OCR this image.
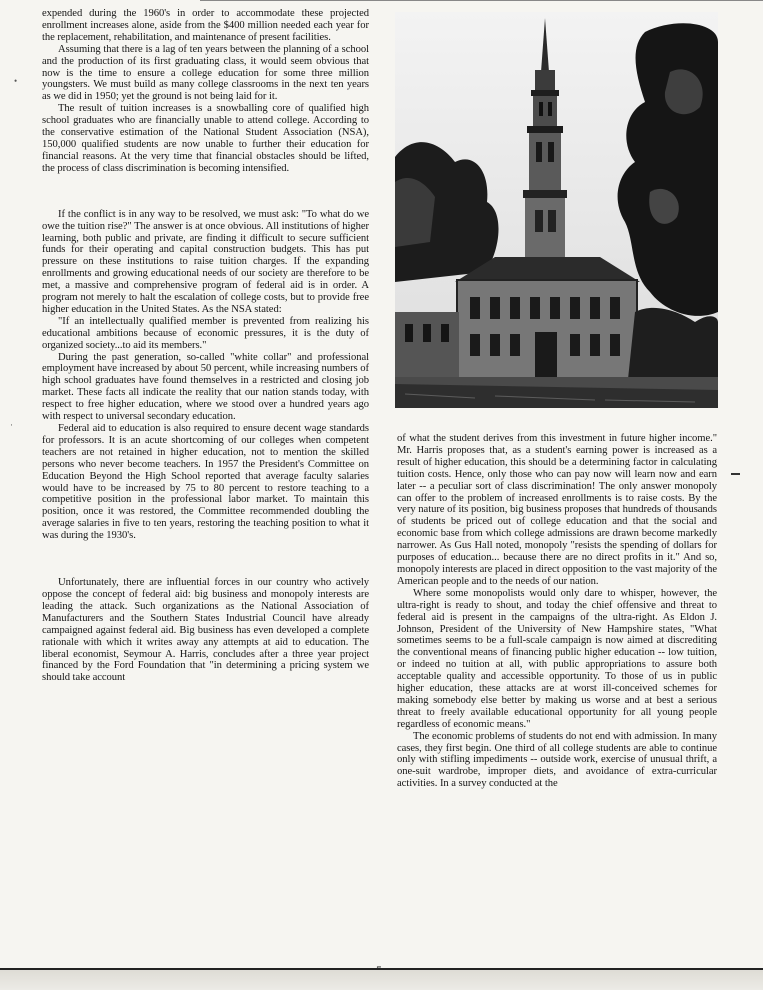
expended during the 1960's in order to accommodate these projected enrollment increases alone, aside from the $400 million needed each year for the replacement, rehabilitation, and maintenance of present facilities.

Assuming that there is a lag of ten years between the planning of a school and the production of its first graduating class, it would seem obvious that now is the time to ensure a college education for some three million youngsters. We must build as many college classrooms in the next ten years as we did in 1950; yet the ground is not being laid for it.

The result of tuition increases is a snowballing core of qualified high school graduates who are financially unable to attend college. According to the conservative estimation of the National Student Association (NSA), 150,000 qualified students are now unable to further their education for financial reasons. At the very time that financial obstacles should be lifted, the process of class discrimination is becoming intensified.

If the conflict is in any way to be resolved, we must ask: "To what do we owe the tuition rise?" The answer is at once obvious. All institutions of higher learning, both public and private, are finding it difficult to secure sufficient funds for their operating and capital construction budgets. This has put pressure on these institutions to raise tuition charges. If the expanding enrollments and growing educational needs of our society are therefore to be met, a massive and comprehensive program of federal aid is in order. A program not merely to halt the escalation of college costs, but to provide free higher education in the United States. As the NSA stated:

"If an intellectually qualified member is prevented from realizing his educational ambitions because of economic pressures, it is the duty of organized society...to aid its members."

During the past generation, so-called "white collar" and professional employment have increased by about 50 percent, while increasing numbers of high school graduates have found themselves in a restricted and closing job market. These facts all indicate the reality that our nation stands today, with respect to free higher education, where we stood over a hundred years ago with respect to universal secondary education.

Federal aid to education is also required to ensure decent wage standards for professors. It is an acute shortcoming of our colleges when competent teachers are not retained in higher education, not to mention the skilled persons who never become teachers. In 1957 the President's Committee on Education Beyond the High School reported that average faculty salaries would have to be increased by 75 to 80 percent to restore teaching to a competitive position in the professional labor market. To maintain this position, once it was restored, the Committee recommended doubling the average salaries in five to ten years, restoring the teaching position to what it was during the 1930's.

Unfortunately, there are influential forces in our country who actively oppose the concept of federal aid: big business and monopoly interests are leading the attack. Such organizations as the National Association of Manufacturers and the Southern States Industrial Council have already campaigned against federal aid. Big business has even developed a complete rationale with which it writes away any attempts at aid to education. The liberal economist, Seymour A. Harris, concludes after a three year project financed by the Ford Foundation that "in determining a pricing system we should take account

of what the student derives from this investment in future higher income." Mr. Harris proposes that, as a student's earning power is increased as a result of higher education, this should be a determining factor in calculating tuition costs. Hence, only those who can pay now will learn now and earn later -- a peculiar sort of class discrimination! The only answer monopoly can offer to the problem of increased enrollments is to raise costs. By the very nature of its position, big business proposes that hundreds of thousands of students be priced out of college education and that the social and economic base from which college admissions are drawn become markedly narrower. As Gus Hall noted, monopoly "resists the spending of dollars for purposes of education... because there are no direct profits in it." And so, monopoly interests are placed in direct opposition to the vast majority of the American people and to the needs of our nation.

Where some monopolists would only dare to whisper, however, the ultra-right is ready to shout, and today the chief offensive and threat to federal aid is present in the campaigns of the ultra-right. As Eldon J. Johnson, President of the University of New Hampshire states, "What sometimes seems to be a full-scale campaign is now aimed at discrediting the conventional means of financing public higher education -- low tuition, or indeed no tuition at all, with public appropriations to assure both acceptable quality and accessible opportunity. To those of us in public higher education, these attacks are at worst ill-conceived schemes for making somebody else better by making us worse and at best a serious threat to freely available educational opportunity for all young people regardless of economic means."

The economic problems of students do not end with admission. In many cases, they first begin. One third of all college students are able to continue only with stifling impediments -- outside work, exercise of unusual thrift, a one-suit wardrobe, improper diets, and avoidance of extra-curricular activities. In a survey conducted at the

•
·
